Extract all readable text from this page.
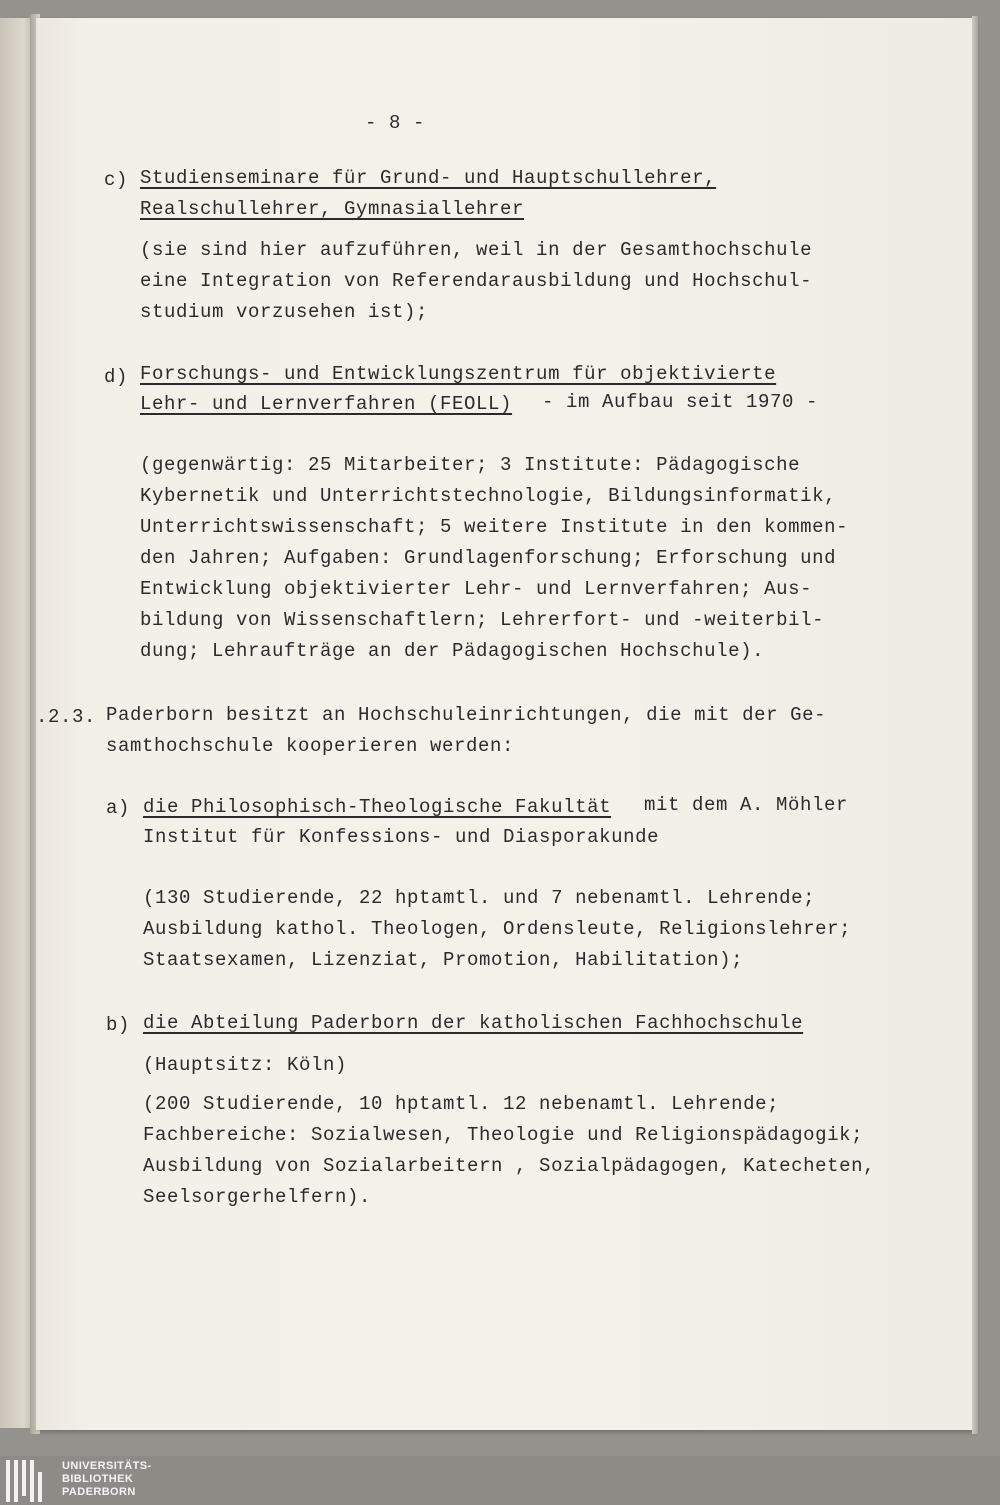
- 8 -

c) Studienseminare für Grund- und Hauptschullehrer,

Realschullehrer, Gymnasiallehrer

(sie sind hier aufzuführen, weil in der Gesamthochschule

eine Integration von Referendarausbildung und Hochschul-

studium vorzusehen ist);

d) Forschungs- und Entwicklungszentrum für objektivierte

Lehr- und Lernverfahren (FEOLL) - im Aufbau seit 1970 -

(gegenwärtig: 25 Mitarbeiter; 3 Institute: Pädagogische

Kybernetik und Unterrichtstechnologie, Bildungsinformatik,

Unterrichtswissenschaft; 5 weitere Institute in den kommen-

den Jahren; Aufgaben: Grundlagenforschung; Erforschung und

Entwicklung objektivierter Lehr- und Lernverfahren; Aus-

bildung von Wissenschaftlern; Lehrerfort- und -weiterbil-

dung; Lehraufträge an der Pädagogischen Hochschule).

.2.3. Paderborn besitzt an Hochschuleinrichtungen, die mit der Ge-

samthochschule kooperieren werden:

a) die Philosophisch-Theologische Fakultät mit dem A. Möhler

Institut für Konfessions- und Diasporakunde

(130 Studierende, 22 hptamtl. und 7 nebenamtl. Lehrende;

Ausbildung kathol. Theologen, Ordensleute, Religionslehrer;

Staatsexamen, Lizenziat, Promotion, Habilitation);

b) die Abteilung Paderborn der katholischen Fachhochschule

(Hauptsitz: Köln)

(200 Studierende, 10 hptamtl. 12 nebenamtl. Lehrende;

Fachbereiche: Sozialwesen, Theologie und Religionspädagogik;

Ausbildung von Sozialarbeitern , Sozialpädagogen, Katecheten,

Seelsorgerhelfern).

UNIVERSITÄTS-
BIBLIOTHEK
PADERBORN
